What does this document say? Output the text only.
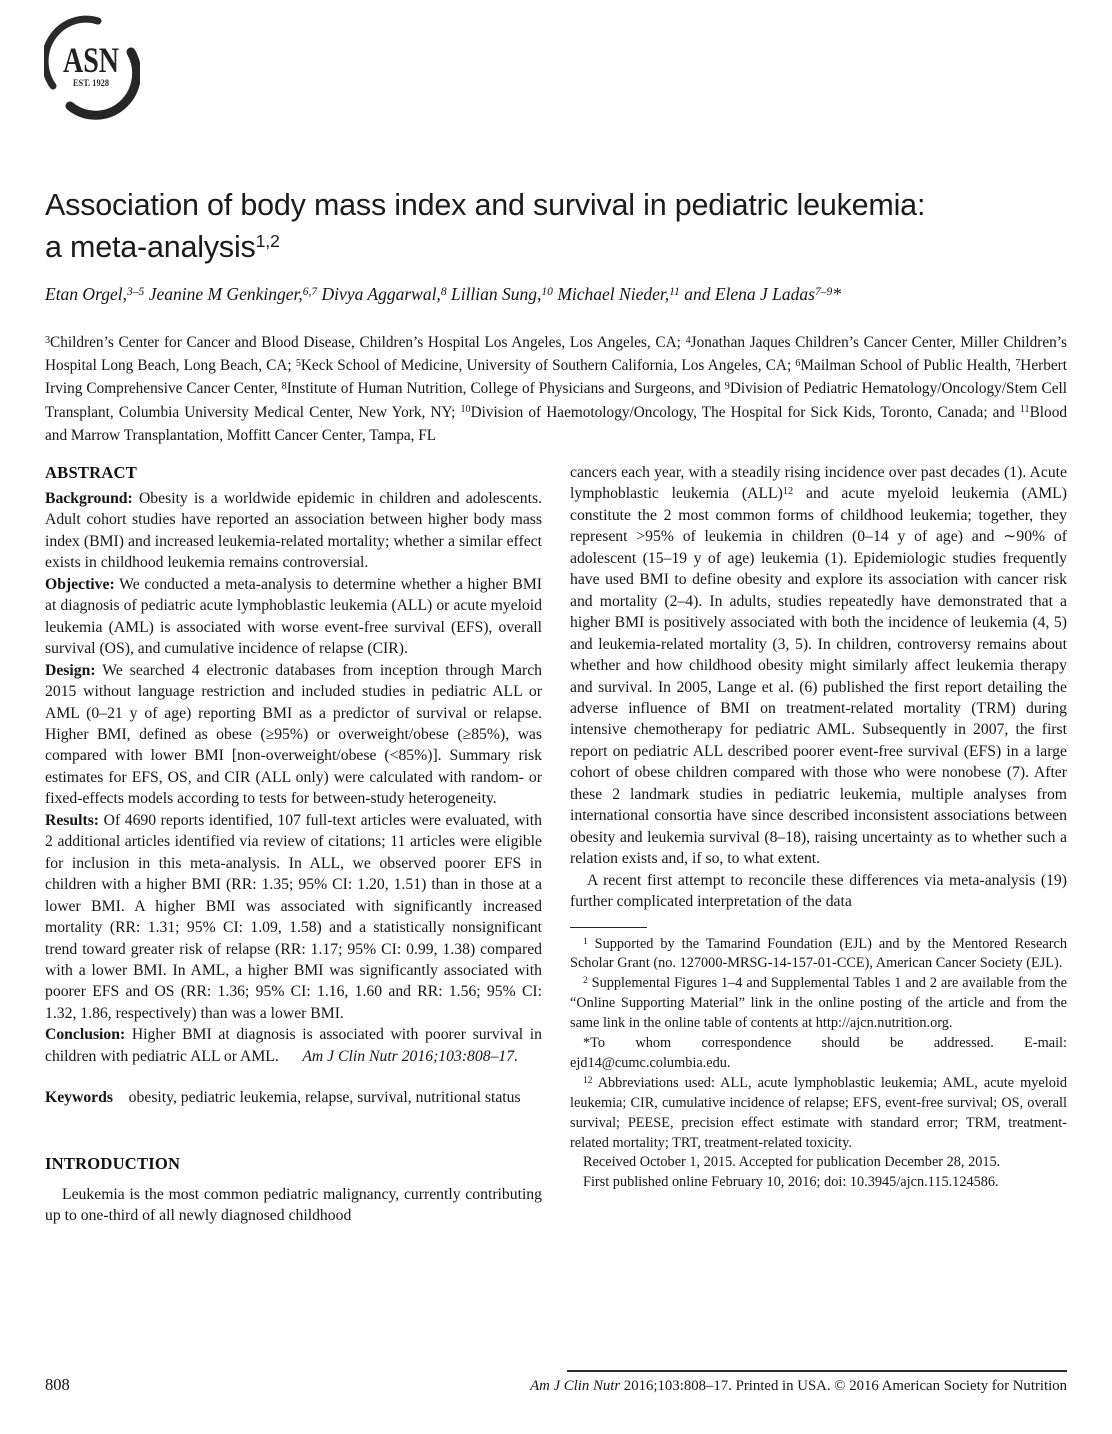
ASN
EST. 1928
Association of body mass index and survival in pediatric leukemia:
a meta-analysis$^{1,2}$

Etan Orgel,$^{3-5}$ Jeanine M Genkinger,$^{6,7}$ Divya Aggarwal,$^8$ Lillian Sung,$^{10}$ Michael Nieder,$^{11}$ and Elena J Ladas$^{7-9}$*

$^3$Children’s Center for Cancer and Blood Disease, Children’s Hospital Los Angeles, Los Angeles, CA; $^4$Jonathan Jaques Children’s Cancer Center, Miller Children’s Hospital Long Beach, Long Beach, CA; $^5$Keck School of Medicine, University of Southern California, Los Angeles, CA; $^6$Mailman School of Public Health, $^7$Herbert Irving Comprehensive Cancer Center, $^8$Institute of Human Nutrition, College of Physicians and Surgeons, and $^9$Division of Pediatric Hematology/Oncology/Stem Cell Transplant, Columbia University Medical Center, New York, NY; $^{10}$Division of Haemotology/Oncology, The Hospital for Sick Kids, Toronto, Canada; and $^{11}$Blood and Marrow Transplantation, Moffitt Cancer Center, Tampa, FL

ABSTRACT

Background: Obesity is a worldwide epidemic in children and adolescents. Adult cohort studies have reported an association between higher body mass index (BMI) and increased leukemia-related mortality; whether a similar effect exists in childhood leukemia remains controversial.

Objective: We conducted a meta-analysis to determine whether a higher BMI at diagnosis of pediatric acute lymphoblastic leukemia (ALL) or acute myeloid leukemia (AML) is associated with worse event-free survival (EFS), overall survival (OS), and cumulative incidence of relapse (CIR).

Design: We searched 4 electronic databases from inception through March 2015 without language restriction and included studies in pediatric ALL or AML (0–21 y of age) reporting BMI as a predictor of survival or relapse. Higher BMI, defined as obese (≥95%) or overweight/obese (≥85%), was compared with lower BMI [non-overweight/obese (<85%)]. Summary risk estimates for EFS, OS, and CIR (ALL only) were calculated with random- or fixed-effects models according to tests for between-study heterogeneity.

Results: Of 4690 reports identified, 107 full-text articles were evaluated, with 2 additional articles identified via review of citations; 11 articles were eligible for inclusion in this meta-analysis. In ALL, we observed poorer EFS in children with a higher BMI (RR: 1.35; 95% CI: 1.20, 1.51) than in those at a lower BMI. A higher BMI was associated with significantly increased mortality (RR: 1.31; 95% CI: 1.09, 1.58) and a statistically nonsignificant trend toward greater risk of relapse (RR: 1.17; 95% CI: 0.99, 1.38) compared with a lower BMI. In AML, a higher BMI was significantly associated with poorer EFS and OS (RR: 1.36; 95% CI: 1.16, 1.60 and RR: 1.56; 95% CI: 1.32, 1.86, respectively) than was a lower BMI.

Conclusion: Higher BMI at diagnosis is associated with poorer survival in children with pediatric ALL or AML.  Am J Clin Nutr 2016;103:808–17.

Keywords obesity, pediatric leukemia, relapse, survival, nutritional status

INTRODUCTION

Leukemia is the most common pediatric malignancy, currently contributing up to one-third of all newly diagnosed childhood

cancers each year, with a steadily rising incidence over past decades (1). Acute lymphoblastic leukemia (ALL)$^{12}$ and acute myeloid leukemia (AML) constitute the 2 most common forms of childhood leukemia; together, they represent >95% of leukemia in children (0–14 y of age) and ∼90% of adolescent (15–19 y of age) leukemia (1). Epidemiologic studies frequently have used BMI to define obesity and explore its association with cancer risk and mortality (2–4). In adults, studies repeatedly have demonstrated that a higher BMI is positively associated with both the incidence of leukemia (4, 5) and leukemia-related mortality (3, 5). In children, controversy remains about whether and how childhood obesity might similarly affect leukemia therapy and survival. In 2005, Lange et al. (6) published the first report detailing the adverse influence of BMI on treatment-related mortality (TRM) during intensive chemotherapy for pediatric AML. Subsequently in 2007, the first report on pediatric ALL described poorer event-free survival (EFS) in a large cohort of obese children compared with those who were nonobese (7). After these 2 landmark studies in pediatric leukemia, multiple analyses from international consortia have since described inconsistent associations between obesity and leukemia survival (8–18), raising uncertainty as to whether such a relation exists and, if so, to what extent.

A recent first attempt to reconcile these differences via meta-analysis (19) further complicated interpretation of the data

$^1$ Supported by the Tamarind Foundation (EJL) and by the Mentored Research Scholar Grant (no. 127000-MRSG-14-157-01-CCE), American Cancer Society (EJL).

$^2$ Supplemental Figures 1–4 and Supplemental Tables 1 and 2 are available from the “Online Supporting Material” link in the online posting of the article and from the same link in the online table of contents at http://ajcn.nutrition.org.

*To whom correspondence should be addressed. E-mail: ejd14@cumc.columbia.edu.

$^{12}$ Abbreviations used: ALL, acute lymphoblastic leukemia; AML, acute myeloid leukemia; CIR, cumulative incidence of relapse; EFS, event-free survival; OS, overall survival; PEESE, precision effect estimate with standard error; TRM, treatment-related mortality; TRT, treatment-related toxicity.

Received October 1, 2015. Accepted for publication December 28, 2015.

First published online February 10, 2016; doi: 10.3945/ajcn.115.124586.

808	Am J Clin Nutr 2016;103:808–17. Printed in USA. © 2016 American Society for Nutrition
